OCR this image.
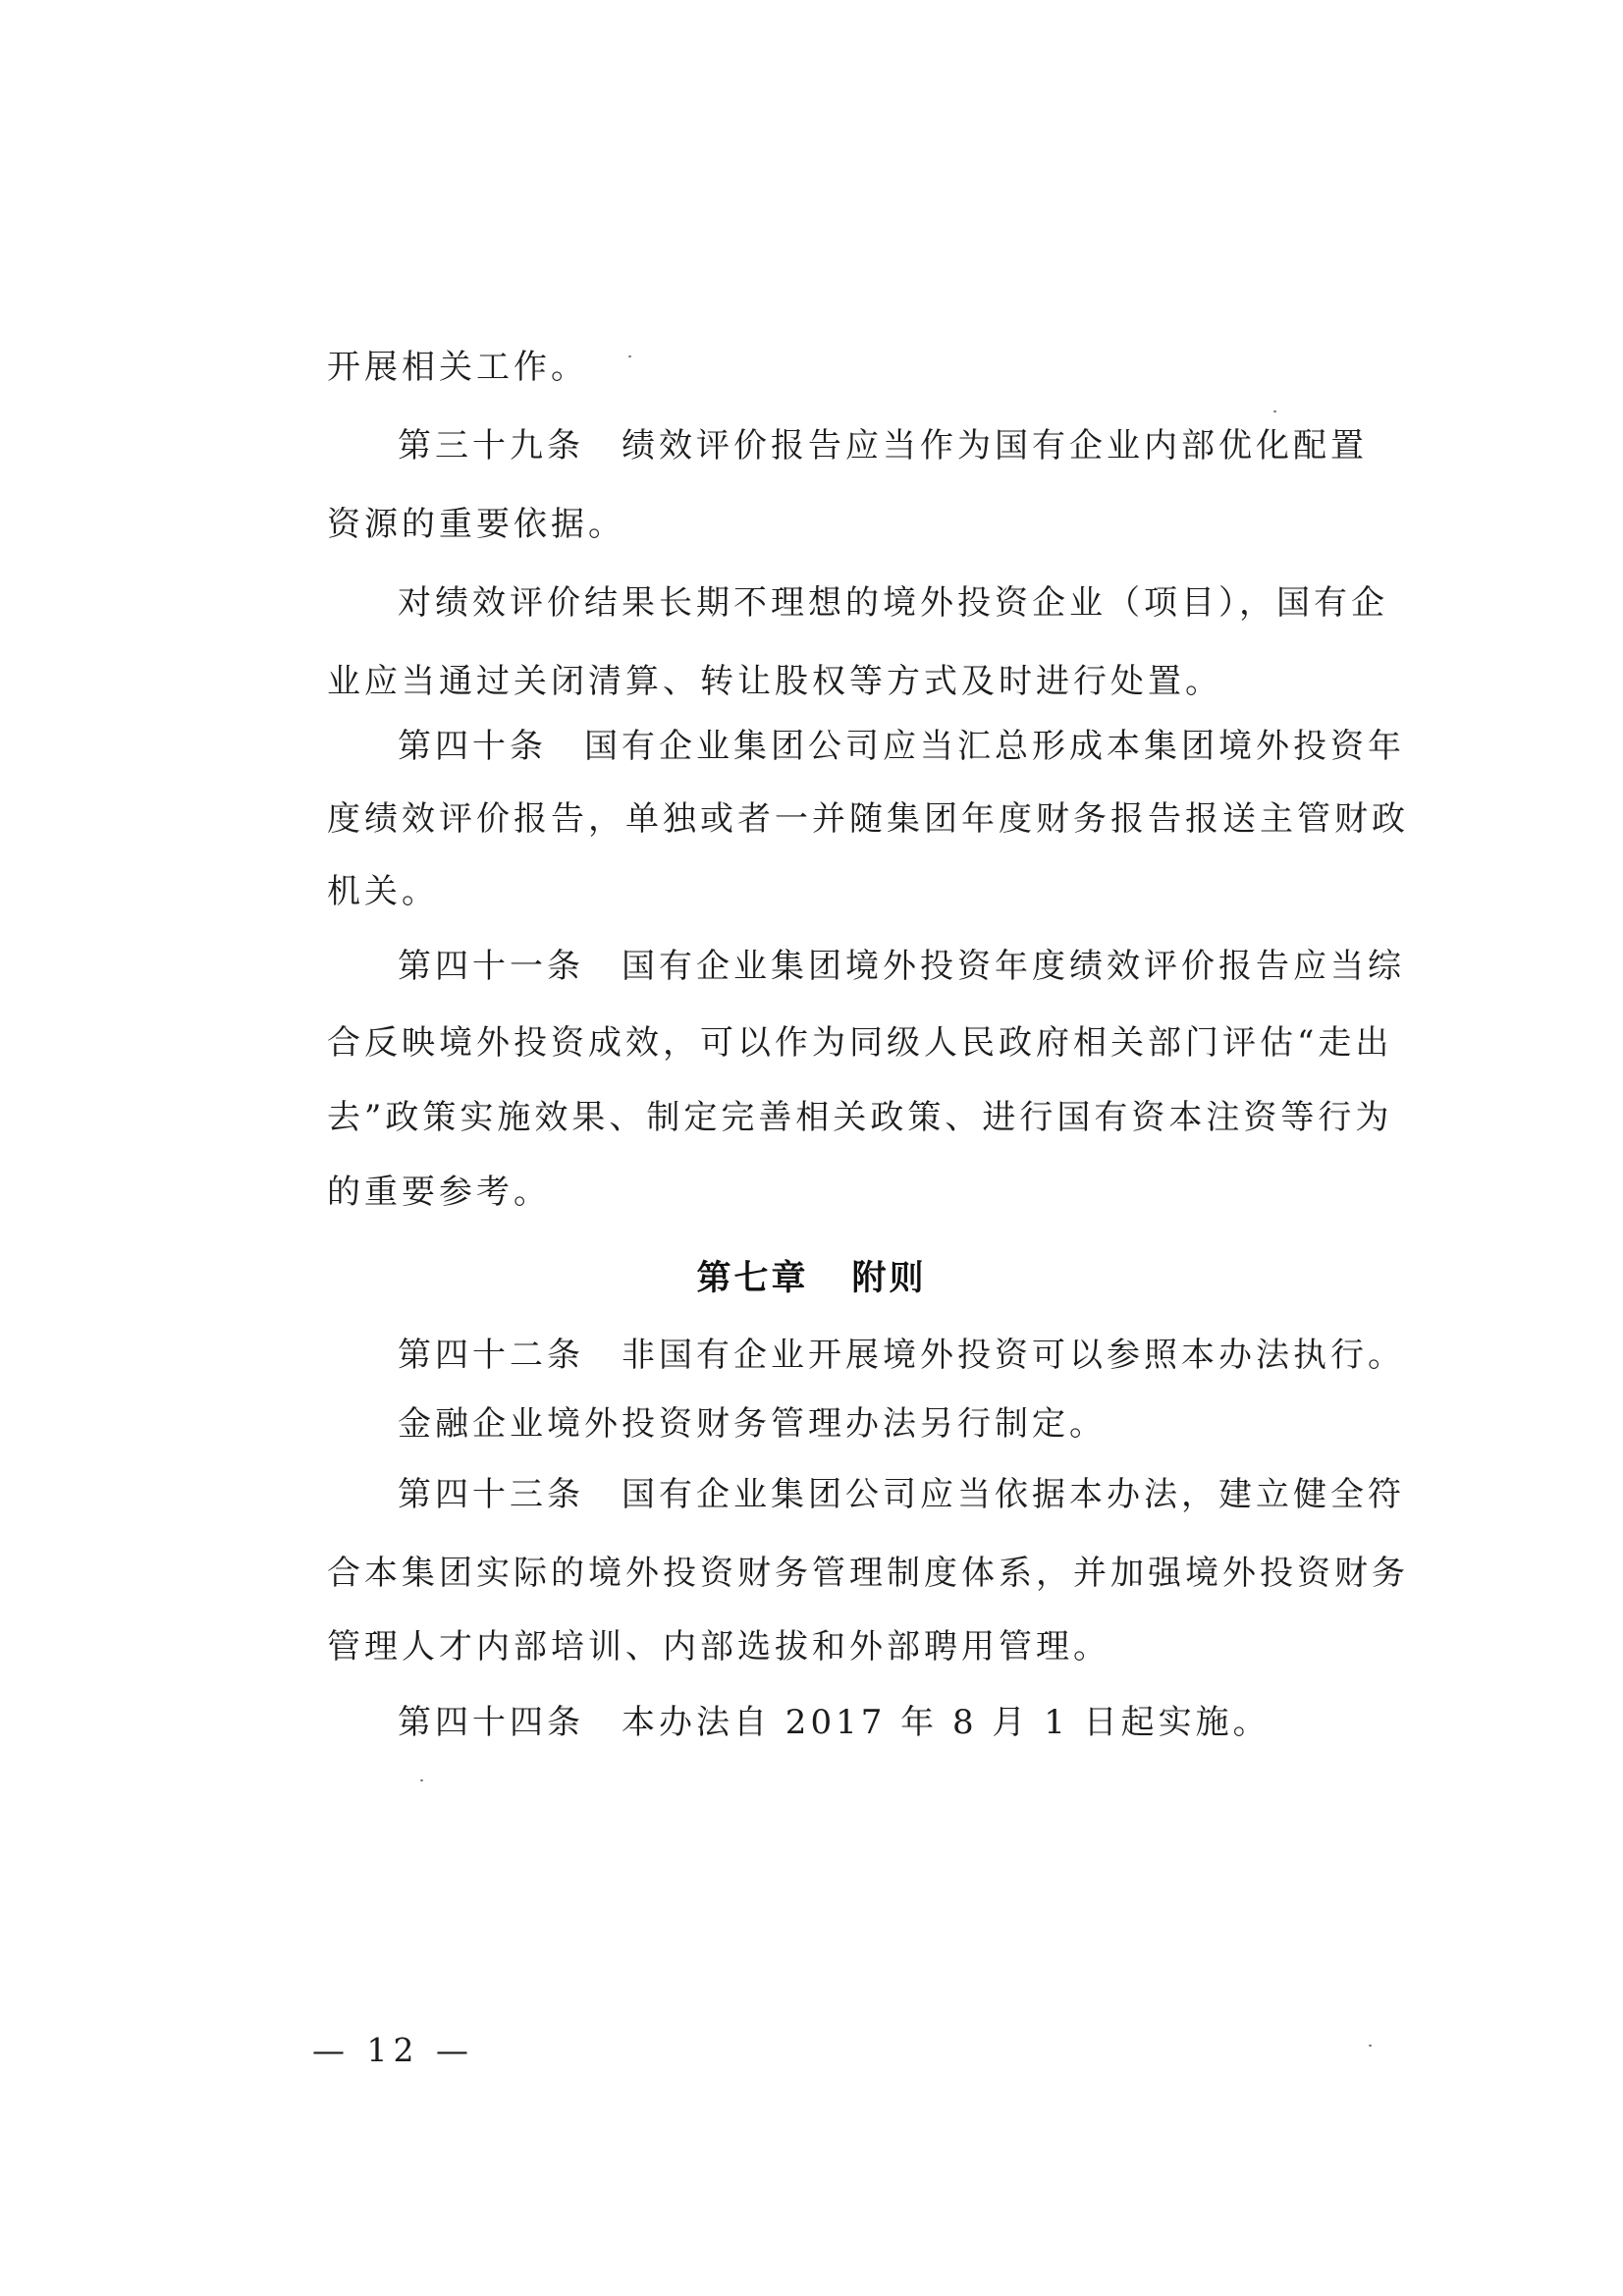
开展相关工作。
第三十九条　绩效评价报告应当作为国有企业内部优化配置
资源的重要依据。
对绩效评价结果长期不理想的境外投资企业（项目），国有企
业应当通过关闭清算、转让股权等方式及时进行处置。
第四十条　国有企业集团公司应当汇总形成本集团境外投资年
度绩效评价报告，单独或者一并随集团年度财务报告报送主管财政
机关。
第四十一条　国有企业集团境外投资年度绩效评价报告应当综
合反映境外投资成效，可以作为同级人民政府相关部门评估“走出
去”政策实施效果、制定完善相关政策、进行国有资本注资等行为
的重要参考。
第七章 附则
第四十二条　非国有企业开展境外投资可以参照本办法执行。
金融企业境外投资财务管理办法另行制定。
第四十三条　国有企业集团公司应当依据本办法，建立健全符
合本集团实际的境外投资财务管理制度体系，并加强境外投资财务
管理人才内部培训、内部选拔和外部聘用管理。
第四十四条　本办法自 2017 年 8 月 1 日起实施。
— 12 —
